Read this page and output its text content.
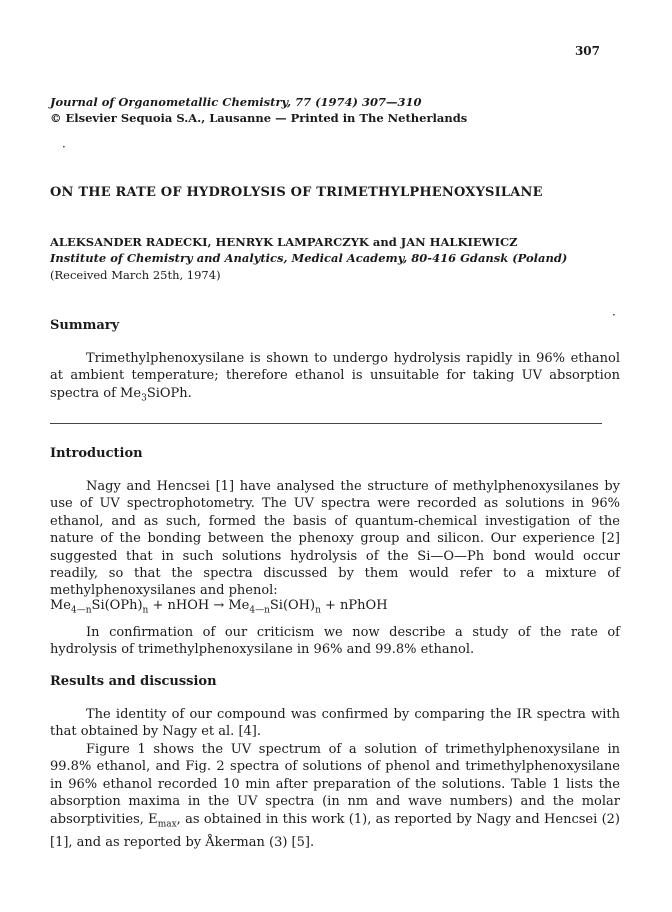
307
Journal of Organometallic Chemistry, 77 (1974) 307—310
© Elsevier Sequoia S.A., Lausanne — Printed in The Netherlands
·
ON THE RATE OF HYDROLYSIS OF TRIMETHYLPHENOXYSILANE
ALEKSANDER RADECKI, HENRYK LAMPARCZYK and JAN HALKIEWICZ
Institute of Chemistry and Analytics, Medical Academy, 80-416 Gdansk (Poland)
(Received March 25th, 1974)
·
Summary

Trimethylphenoxysilane is shown to undergo hydrolysis rapidly in 96% ethanol at ambient temperature; therefore ethanol is unsuitable for taking UV absorption spectra of $Me_3SiOPh$.

Introduction

Nagy and Hencsei [1] have analysed the structure of methylphenoxysilanes by use of UV spectrophotometry. The UV spectra were recorded as solutions in 96% ethanol, and as such, formed the basis of quantum-chemical investigation of the nature of the bonding between the phenoxy group and silicon. Our experience [2] suggested that in such solutions hydrolysis of the Si—O—Ph bond would occur readily, so that the spectra discussed by them would refer to a mixture of methylphenoxysilanes and phenol:

$Me_{4—n}Si(OPh)_n$ + nHOH → $Me_{4—n}Si(OH)_n$ + nPhOH

In confirmation of our criticism we now describe a study of the rate of hydrolysis of trimethylphenoxysilane in 96% and 99.8% ethanol.

Results and discussion

The identity of our compound was confirmed by comparing the IR spectra with that obtained by Nagy et al. [4].

Figure 1 shows the UV spectrum of a solution of trimethylphenoxysilane in 99.8% ethanol, and Fig. 2 spectra of solutions of phenol and trimethylphenoxysilane in 96% ethanol recorded 10 min after preparation of the solutions. Table 1 lists the absorption maxima in the UV spectra (in nm and wave numbers) and the molar absorptivities, $E_{max}$, as obtained in this work (1), as reported by Nagy and Hencsei (2) [1], and as reported by Åkerman (3) [5].
